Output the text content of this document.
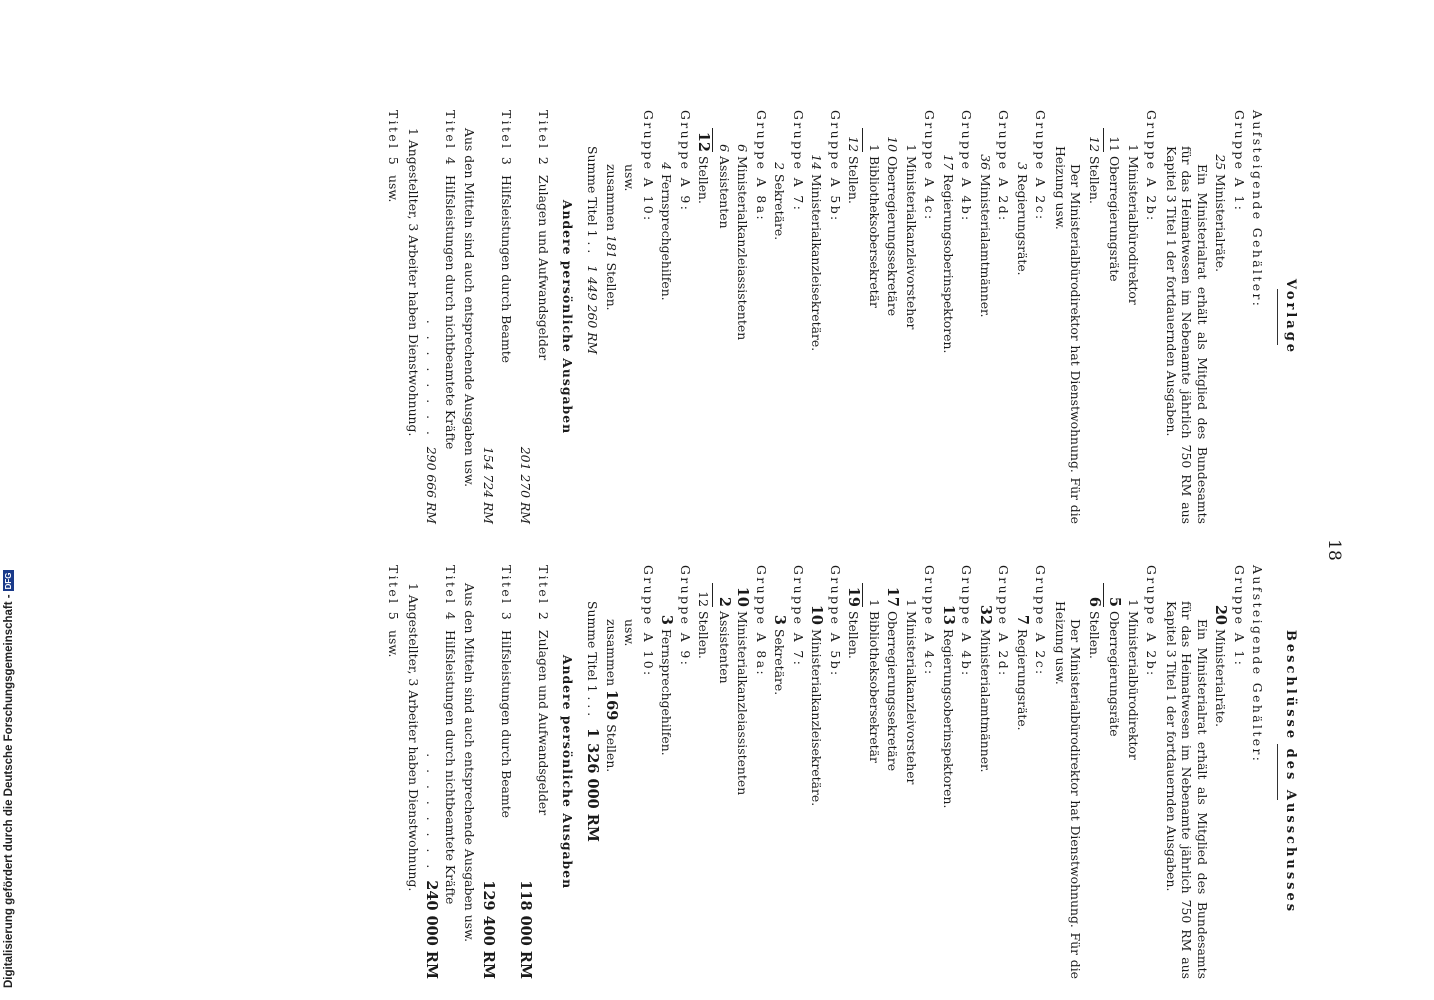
18
Vorlage
Aufsteigende Gehälter:
Gruppe A 1:
25Ministerialräte.
Ein Ministerialrat erhält als Mitglied des Bundesamts für das Heimatwesen im Nebenamte jährlich 750 RM aus Kapitel 3 Titel 1 der fortdauernden Ausgaben.
Gruppe A 2b:
1Ministerialbürodirektor
11Oberregierungsräte
12Stellen.
Der Ministerialbürodirektor hat Dienstwohnung. Für die Heizung usw.
Gruppe A 2c:
3Regierungsräte.
Gruppe A 2d:
36Ministerialamtmänner.
Gruppe A 4b:
17Regierungsoberinspektoren.
Gruppe A 4c:
1Ministerialkanzleivorsteher
10Oberregierungssekretäre
1Bibliotheksobersekretär
12Stellen.
Gruppe A 5b:
14Ministerialkanzleisekretäre.
Gruppe A 7:
2Sekretäre.
Gruppe A 8a:
6Ministerialkanzleiassistenten
6Assistenten
12Stellen.
Gruppe A 9:
4Fernsprechgehilfen.
Gruppe A 10:
usw.
zusammen 181 Stellen.
Summe Titel 1 . .   1 449 260 RM
Andere persönliche Ausgaben
Titel 2  Zulagen und Aufwandsgelder
201 270 RM
Titel 3  Hilfsleistungen durch Beamte
154 724 RM
Aus den Mitteln sind auch entsprechende Ausgaben usw.
Titel 4  Hilfsleistungen durch nichtbeamtete Kräfte
. . . . . . . .  290 666 RM
1 Angestellter, 3 Arbeiter haben Dienstwohnung.
Titel 5  usw.
Beschlüsse des Ausschusses
Aufsteigende Gehälter:
Gruppe A 1:
20Ministerialräte.
Ein Ministerialrat erhält als Mitglied des Bundesamts für das Heimatwesen im Nebenamte jährlich 750 RM aus Kapitel 3 Titel 1 der fortdauernden Ausgaben.
Gruppe A 2b:
1Ministerialbürodirektor
5Oberregierungsräte
6Stellen.
Der Ministerialbürodirektor hat Dienstwohnung. Für die Heizung usw.
Gruppe A 2c:
7Regierungsräte.
Gruppe A 2d:
32Ministerialamtmänner.
Gruppe A 4b:
13Regierungsoberinspektoren.
Gruppe A 4c:
1Ministerialkanzleivorsteher
17Oberregierungssekretäre
1Bibliotheksobersekretär
19Stellen.
Gruppe A 5b:
10Ministerialkanzleisekretäre.
Gruppe A 7:
3Sekretäre.
Gruppe A 8a:
10Ministerialkanzleiassistenten
2Assistenten
12Stellen.
Gruppe A 9:
3Fernsprechgehilfen.
Gruppe A 10:
usw.
zusammen 169 Stellen.
Summe Titel 1 . . .   1 326 000 RM
Andere persönliche Ausgaben
Titel 2  Zulagen und Aufwandsgelder
118 000 RM
Titel 3  Hilfsleistungen durch Beamte
129 400 RM
Aus den Mitteln sind auch entsprechende Ausgaben usw.
Titel 4  Hilfsleistungen durch nichtbeamtete Kräfte
. . . . . . . .  240 000 RM
1 Angestellter, 3 Arbeiter haben Dienstwohnung.
Titel 5  usw.
Digitalisierung gefördert durch die Deutsche Forschungsgemeinschaft -DFG
